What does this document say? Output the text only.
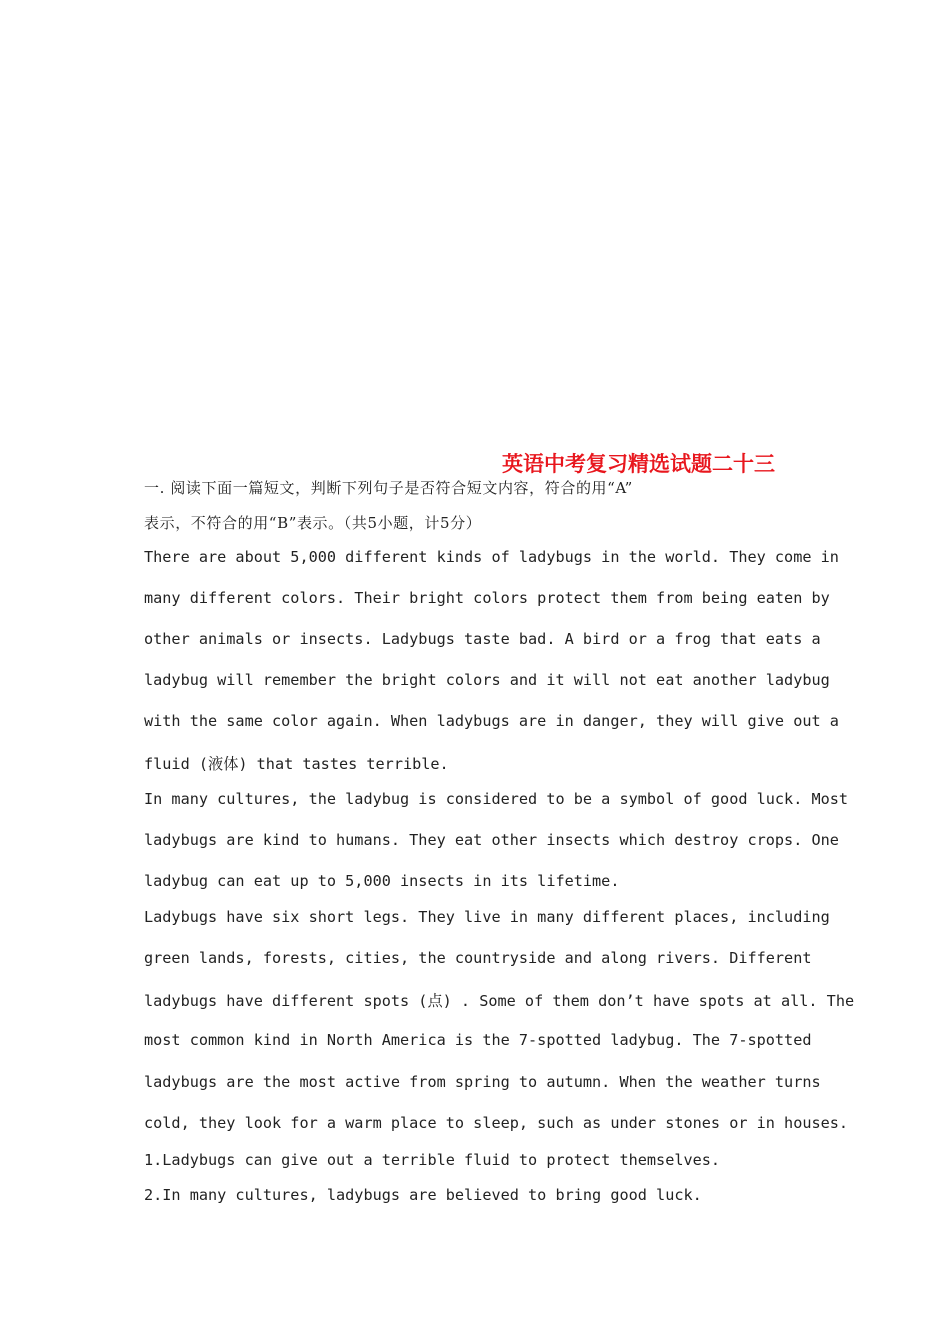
英语中考复习精选试题二十三
一. 阅读下面一篇短文，判断下列句子是否符合短文内容，符合的用“A”
表示，不符合的用“B”表示。（共5小题，计5分）
There are about 5,000 different kinds of ladybugs in the world. They come in
many different colors. Their bright colors protect them from being eaten by
other animals or insects. Ladybugs taste bad. A bird or a frog that eats a
ladybug will remember the bright colors and it will not eat another ladybug
with the same color again. When ladybugs are in danger, they will give out a
fluid (液体) that tastes terrible.
In many cultures, the ladybug is considered to be a symbol of good luck. Most
ladybugs are kind to humans. They eat other insects which destroy crops. One
ladybug can eat up to 5,000 insects in its lifetime.
Ladybugs have six short legs. They live in many different places, including
green lands, forests, cities, the countryside and along rivers. Different
ladybugs have different spots (点) . Some of them don’t have spots at all. The
most common kind in North America is the 7-spotted ladybug. The 7-spotted
ladybugs are the most active from spring to autumn. When the weather turns
cold, they look for a warm place to sleep, such as under stones or in houses.
1.Ladybugs can give out a terrible fluid to protect themselves.
2.In many cultures, ladybugs are believed to bring good luck.
